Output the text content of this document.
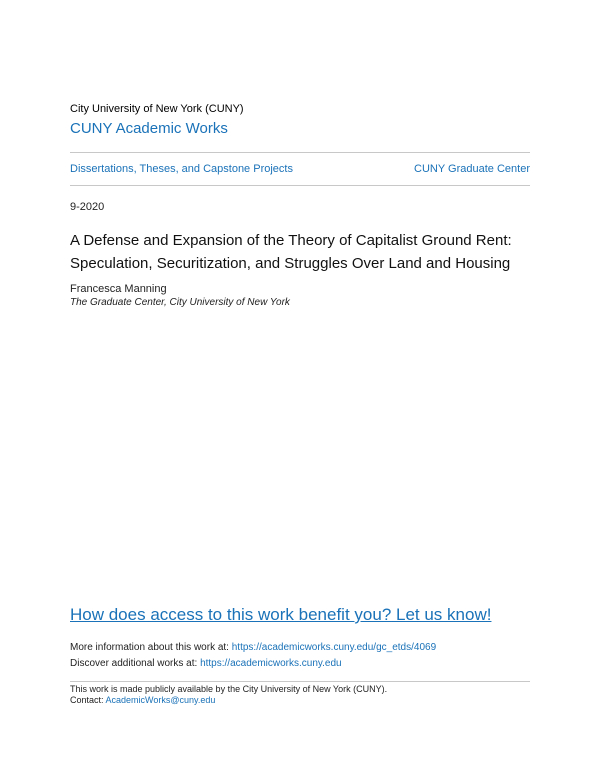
City University of New York (CUNY)
CUNY Academic Works
Dissertations, Theses, and Capstone Projects	CUNY Graduate Center
9-2020
A Defense and Expansion of the Theory of Capitalist Ground Rent:
Speculation, Securitization, and Struggles Over Land and Housing
Francesca Manning
The Graduate Center, City University of New York
How does access to this work benefit you? Let us know!
More information about this work at: https://academicworks.cuny.edu/gc_etds/4069
Discover additional works at: https://academicworks.cuny.edu
This work is made publicly available by the City University of New York (CUNY).
Contact: AcademicWorks@cuny.edu
